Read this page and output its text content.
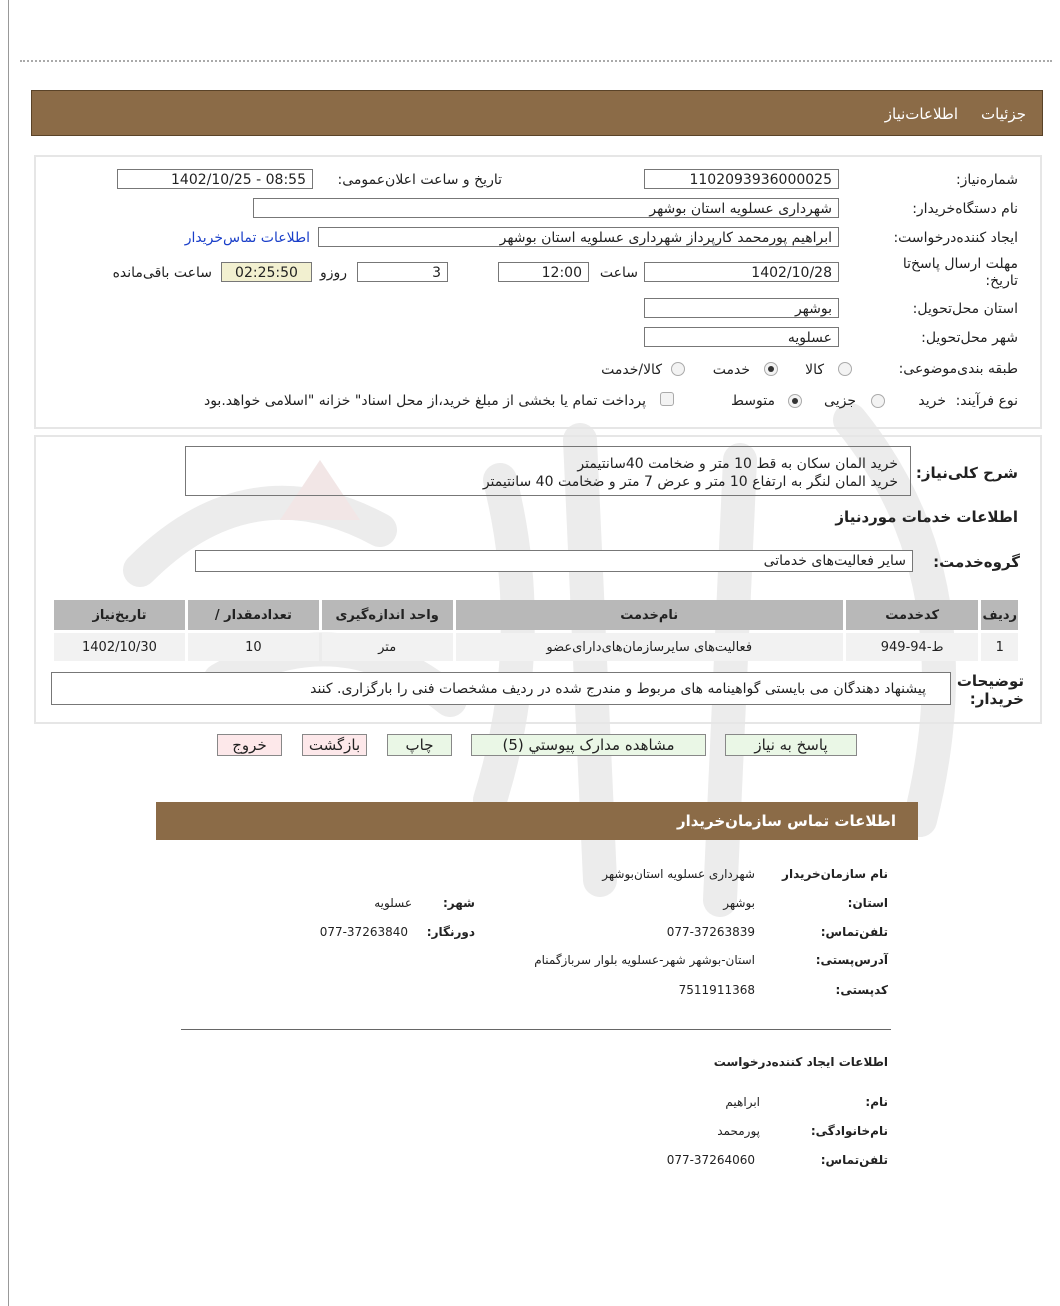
جزئیات
اطلاعات‌نیاز
شماره‌نیاز:
1102093936000025
تاریخ و ساعت اعلان‌عمومی:
1402/10/25 - 08:55
نام دستگاه‌خریدار:
شهرداری عسلویه استان بوشهر
ایجاد کننده‌درخواست:
ابراهیم پورمحمد کارپرداز شهرداری عسلویه استان بوشهر
اطلاعات تماس‌خریدار
مهلت ارسال پاسخ‌تا تاریخ:
1402/10/28
ساعت
12:00
3
روزو
02:25:50
ساعت باقی‌مانده
استان محل‌تحویل:
بوشهر
شهر محل‌تحویل:
عسلویه
طبقه بندی‌موضوعی:
کالا
خدمت
کالا/خدمت
نوع فرآیند:
خرید
جزیی
متوسط
پرداخت تمام یا بخشی از مبلغ خرید،از محل اسناد" خزانه "اسلامی خواهد.بود
شرح کلی‌نیاز:
خرید المان سکان به قط 10 متر و ضخامت 40سانتیمتر
خرید المان لنگر به ارتفاع 10 متر و عرض 7 متر و ضخامت 40 سانتیمتر
اطلاعات خدمات موردنیاز
گروه‌خدمت:
سایر فعالیت‌های خدماتی
ردیف	کدخدمت	نام‌خدمت	واحد اندازه‌گیری	تعدادمقدار /	تاریخ‌نیاز
1	ط-94-949	فعالیت‌های سایرسازمان‌های‌دارای‌عضو	متر	10	1402/10/30
توضیحات خریدار:
پیشنهاد دهندگان می بایستی گواهینامه های مربوط و مندرج شده در ردیف مشخصات فنی را بارگزاری. کنند
پاسخ به نیاز
مشاهده مدارک پیوستي (5)
چاپ
بازگشت
خروج
اطلاعات تماس سازمان‌خریدار
نام سازمان‌خریدار
شهرداری عسلویه استان‌بوشهر
استان:
بوشهر
شهر:
عسلویه
تلفن‌تماس:
077-37263839
دورنگار:
077-37263840
آدرس‌پستی:
استان-بوشهر شهر-عسلویه بلوار سرباز‌گمنام
کدپستی:
7511911368
اطلاعات ایجاد کننده‌درخواست
نام:
ابراهیم
نام‌خانوادگی:
پورمحمد
تلفن‌تماس:
077-37264060
